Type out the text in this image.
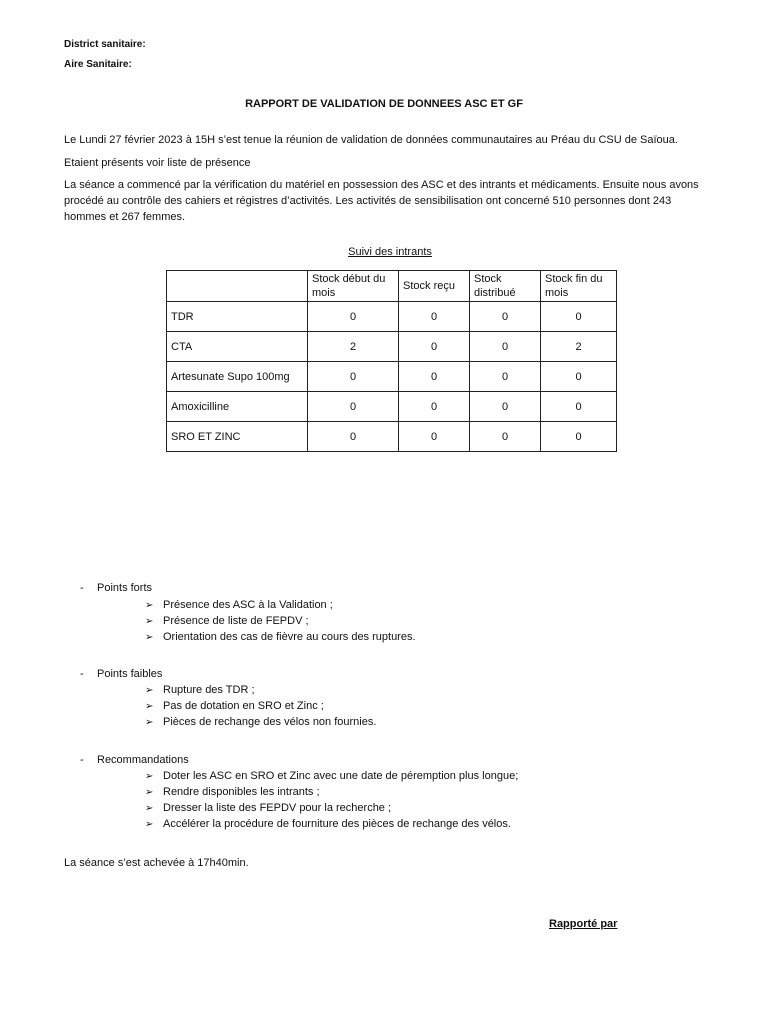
District sanitaire:
Aire Sanitaire:
RAPPORT DE VALIDATION DE DONNEES ASC ET GF
Le Lundi 27 février 2023 à 15H s’est tenue la réunion de validation de données communautaires au Préau du CSU de Saïoua.
Etaient présents voir liste de présence
La séance a commencé par la vérification du matériel en possession des ASC et des intrants et médicaments. Ensuite nous avons procédé au contrôle des cahiers et régistres d’activités. Les activités de sensibilisation ont concerné 510 personnes dont 243 hommes et 267 femmes.
Suivi des intrants
	Stock début du mois	Stock reçu	Stock distribué	Stock fin du mois
TDR	0	0	0	0
CTA	2	0	0	2
Artesunate Supo 100mg	0	0	0	0
Amoxicilline	0	0	0	0
SRO ET ZINC	0	0	0	0
- Points forts
➢ Présence des ASC à la Validation ;
➢ Présence de liste de FEPDV ;
➢ Orientation des cas de fièvre au cours des ruptures.
- Points faibles
➢ Rupture des TDR ;
➢ Pas de dotation en SRO et Zinc ;
➢ Pièces de rechange des vélos non fournies.
- Recommandations
➢ Doter les ASC en SRO et Zinc avec une date de péremption plus longue;
➢ Rendre disponibles les intrants ;
➢ Dresser la liste des FEPDV pour la recherche ;
➢ Accélérer la procédure de fourniture des pièces de rechange des vélos.
La séance s’est achevée à 17h40min.
Rapporté par
